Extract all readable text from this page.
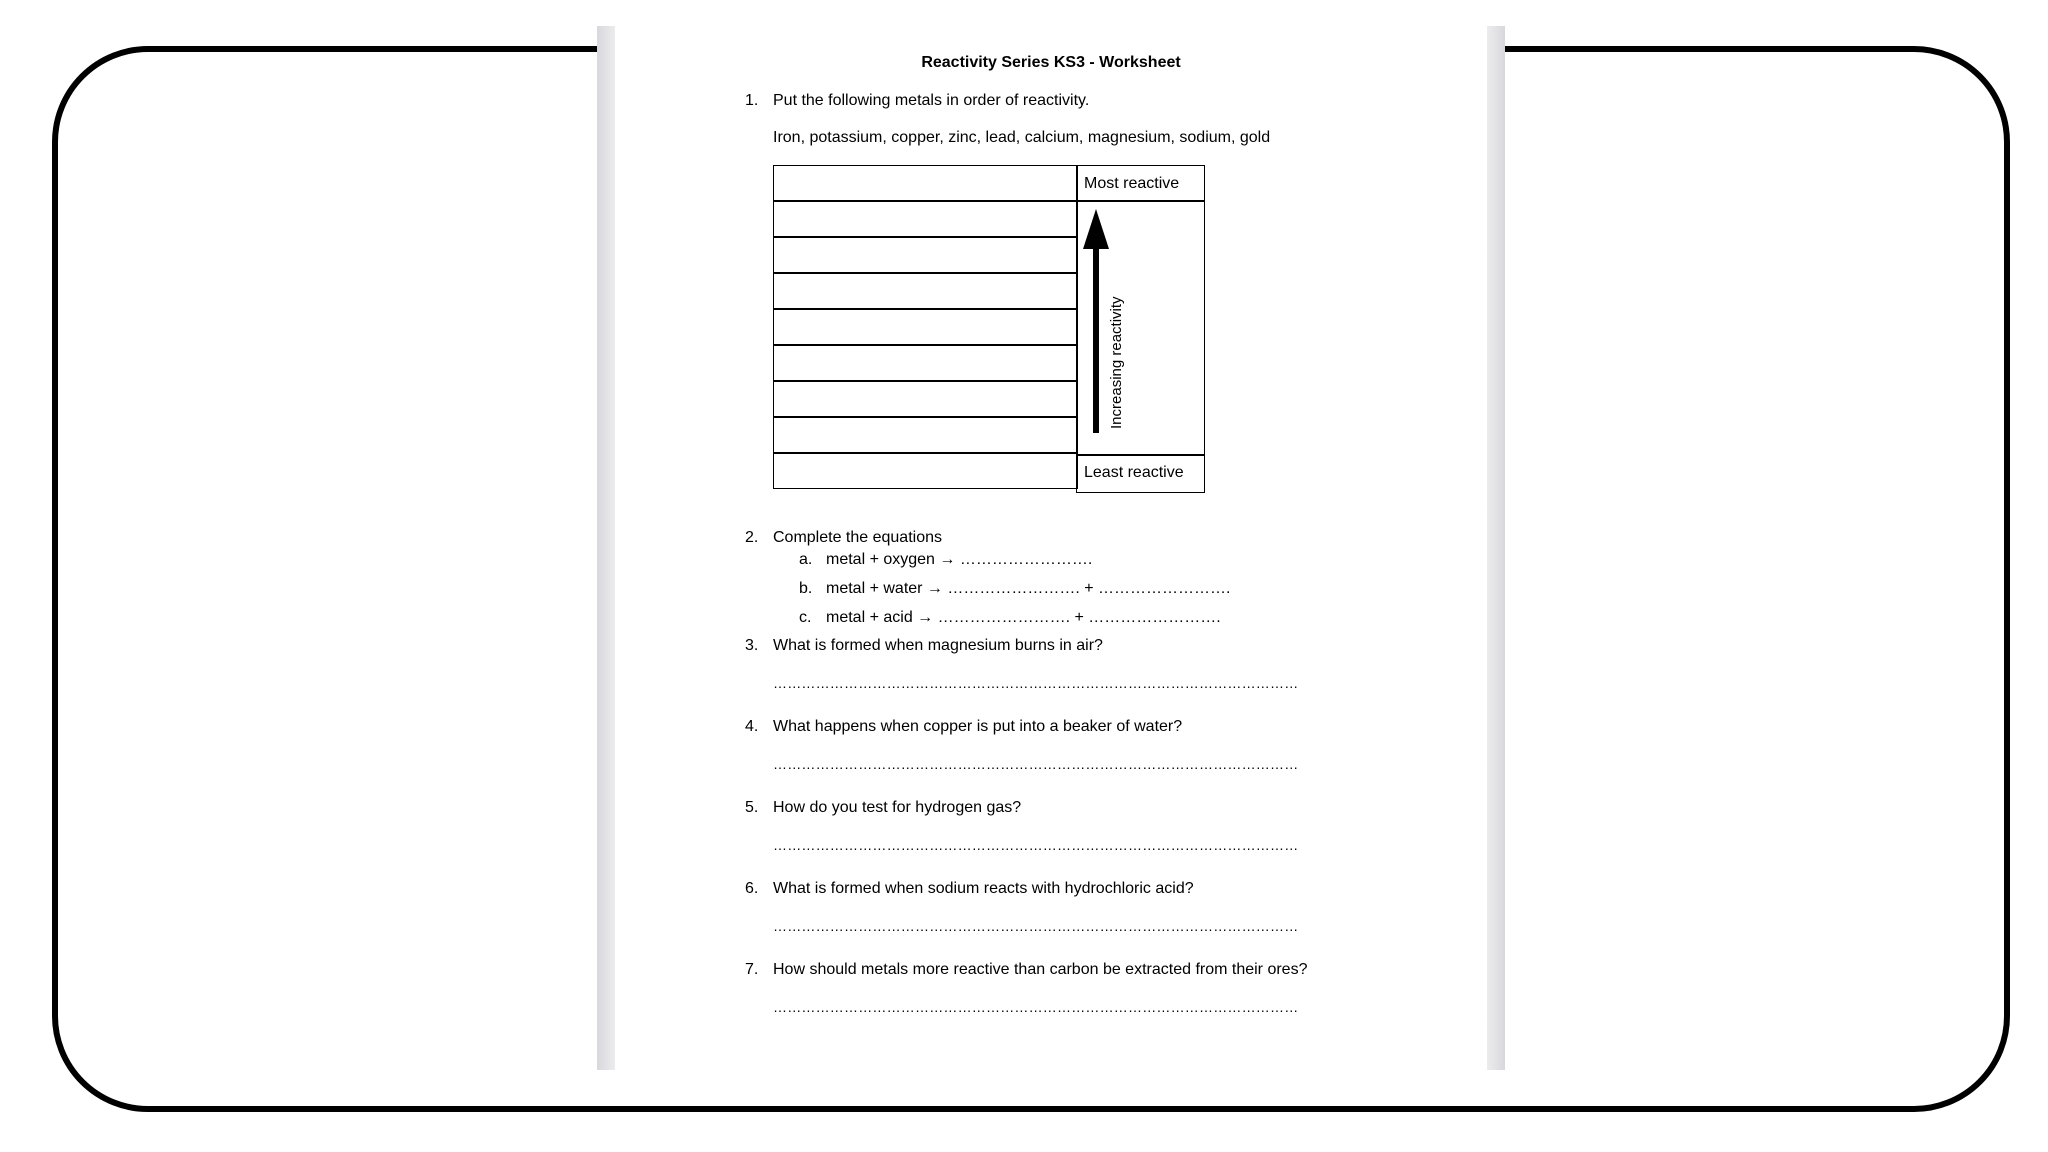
Reactivity Series KS3 - Worksheet
1. Put the following metals in order of reactivity.
Iron, potassium, copper, zinc, lead, calcium, magnesium, sodium, gold
Most reactive
Increasing reactivity
Least reactive
2. Complete the equations
a. metal + oxygen → …………………….
b. metal + water → ……………………. + …………………….
c. metal + acid → ……………………. + …………………….
3. What is formed when magnesium burns in air?
…………………………………………………………………………………………………
4. What happens when copper is put into a beaker of water?
…………………………………………………………………………………………………
5. How do you test for hydrogen gas?
…………………………………………………………………………………………………
6. What is formed when sodium reacts with hydrochloric acid?
…………………………………………………………………………………………………
7. How should metals more reactive than carbon be extracted from their ores?
…………………………………………………………………………………………………
